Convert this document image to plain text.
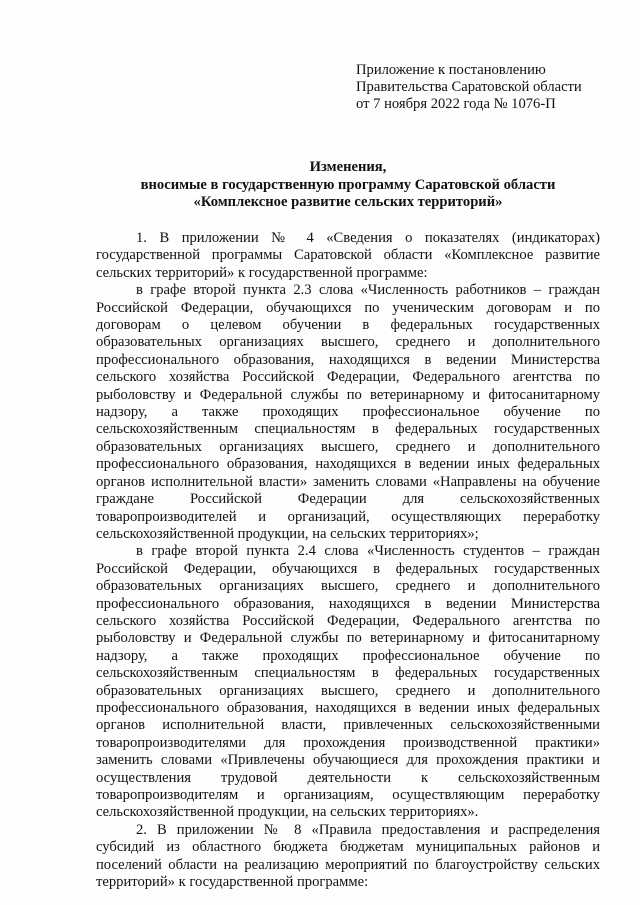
Приложение к постановлению
Правительства Саратовской области
от 7 ноября 2022 года № 1076-П
Изменения,
вносимые в государственную программу Саратовской области
«Комплексное развитие сельских территорий»

1. В приложении № 4 «Сведения о показателях (индикаторах) государственной программы Саратовской области «Комплексное развитие сельских территорий» к государственной программе:

в графе второй пункта 2.3 слова «Численность работников – граждан Российской Федерации, обучающихся по ученическим договорам и по договорам о целевом обучении в федеральных государственных образовательных организациях высшего, среднего и дополнительного профессионального образования, находящихся в ведении Министерства сельского хозяйства Российской Федерации, Федерального агентства по рыболовству и Федеральной службы по ветеринарному и фитосанитарному надзору, а также проходящих профессиональное обучение по сельскохозяйственным специальностям в федеральных государственных образовательных организациях высшего, среднего и дополнительного профессионального образования, находящихся в ведении иных федеральных органов исполнительной власти» заменить словами «Направлены на обучение граждане Российской Федерации для сельскохозяйственных товаропроизводителей и организаций, осуществляющих переработку сельскохозяйственной продукции, на сельских территориях»;

в графе второй пункта 2.4 слова «Численность студентов – граждан Российской Федерации, обучающихся в федеральных государственных образовательных организациях высшего, среднего и дополнительного профессионального образования, находящихся в ведении Министерства сельского хозяйства Российской Федерации, Федерального агентства по рыболовству и Федеральной службы по ветеринарному и фитосанитарному надзору, а также проходящих профессиональное обучение по сельскохозяйственным специальностям в федеральных государственных образовательных организациях высшего, среднего и дополнительного профессионального образования, находящихся в ведении иных федеральных органов исполнительной власти, привлеченных сельскохозяйственными товаропроизводителями для прохождения производственной практики» заменить словами «Привлечены обучающиеся для прохождения практики и осуществления трудовой деятельности к сельскохозяйственным товаропроизводителям и организациям, осуществляющим переработку сельскохозяйственной продукции, на сельских территориях».

2. В приложении № 8 «Правила предоставления и распределения субсидий из областного бюджета бюджетам муниципальных районов и поселений области на реализацию мероприятий по благоустройству сельских территорий» к государственной программе:
